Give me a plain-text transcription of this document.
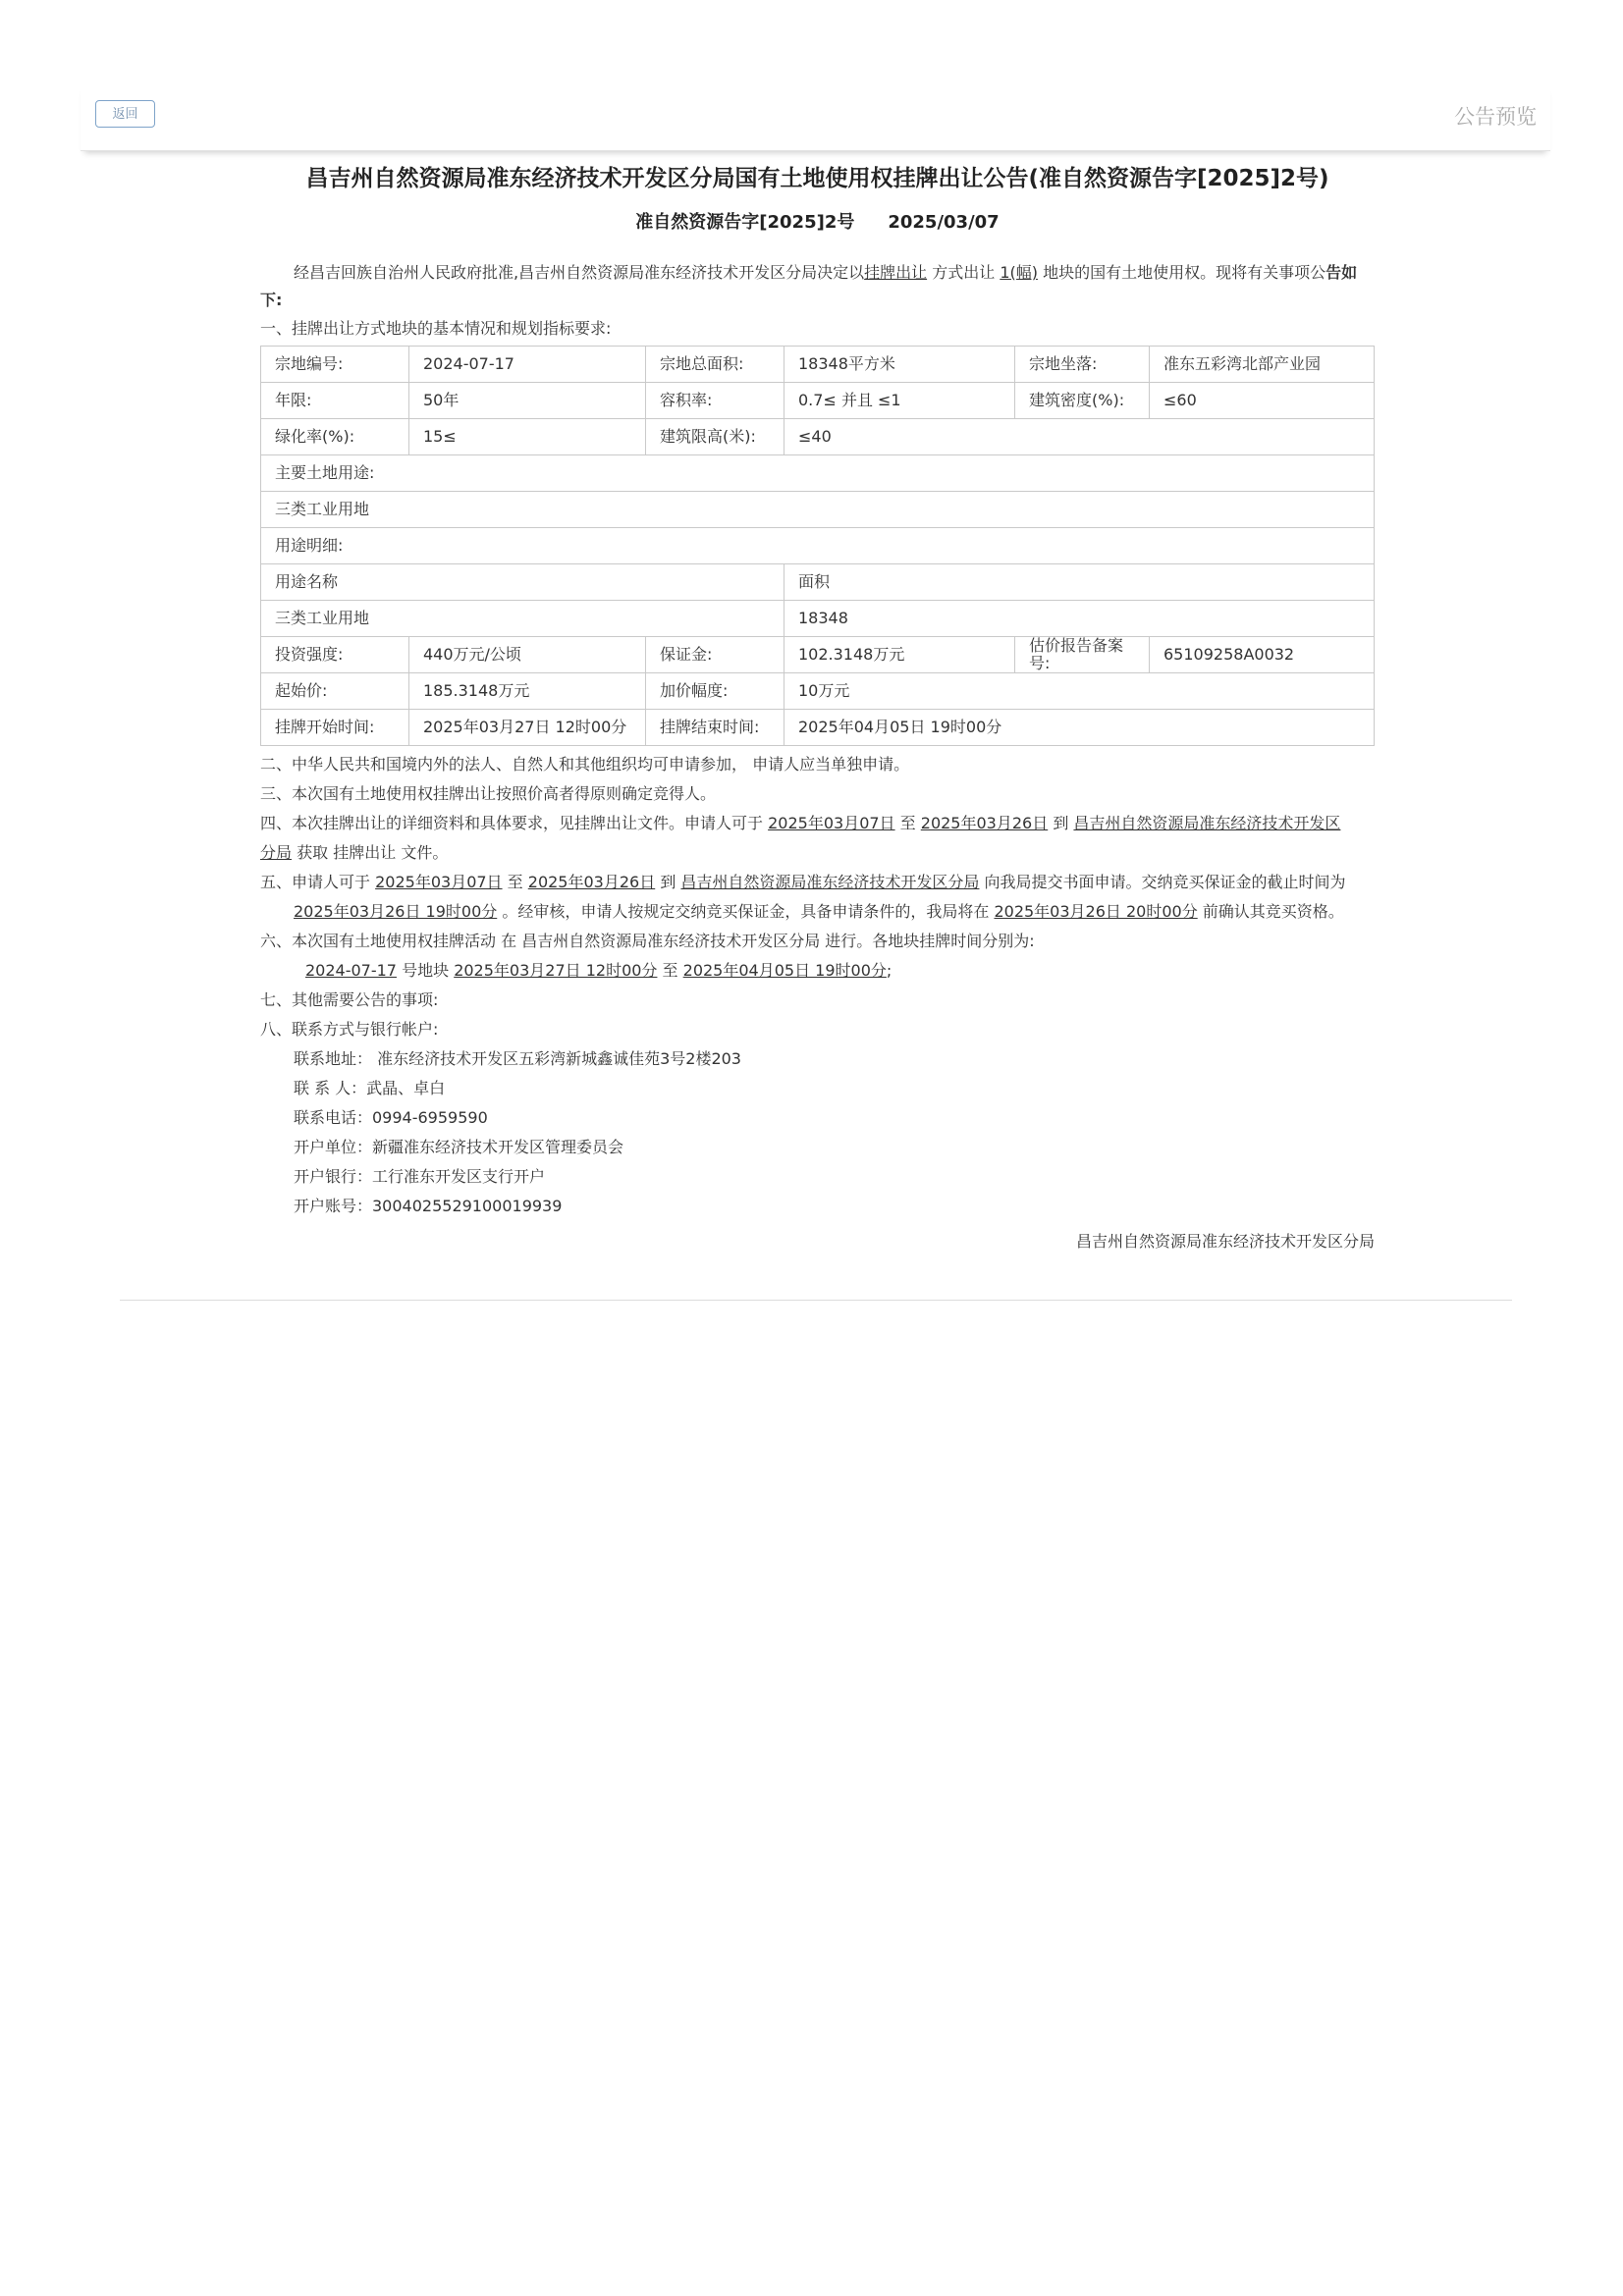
返回	公告预览
昌吉州自然资源局准东经济技术开发区分局国有土地使用权挂牌出让公告(准自然资源告字[2025]2号)
准自然资源告字[2025]2号 2025/03/07
经昌吉回族自治州人民政府批准,昌吉州自然资源局准东经济技术开发区分局决定以挂牌出让 方式出让 1(幅) 地块的国有土地使用权。现将有关事项公告如下:
一、挂牌出让方式地块的基本情况和规划指标要求:
宗地编号:	2024-07-17	宗地总面积:	18348平方米	宗地坐落:	准东五彩湾北部产业园
年限:	50年	容积率:	0.7≤ 并且 ≤1	建筑密度(%):	≤60
绿化率(%):	15≤	建筑限高(米):	≤40		
主要土地用途:					
三类工业用地					
用途明细:					
用途名称			面积		
三类工业用地			18348		
投资强度:	440万元/公顷	保证金:	102.3148万元	估价报告备案号:	65109258A0032
起始价:	185.3148万元	加价幅度:	10万元		
挂牌开始时间:	2025年03月27日 12时00分	挂牌结束时间:	2025年04月05日 19时00分		
二、中华人民共和国境内外的法人、自然人和其他组织均可申请参加， 申请人应当单独申请。
三、本次国有土地使用权挂牌出让按照价高者得原则确定竞得人。
四、本次挂牌出让的详细资料和具体要求，见挂牌出让文件。申请人可于 2025年03月07日 至 2025年03月26日 到 昌吉州自然资源局准东经济技术开发区
分局 获取 挂牌出让 文件。
五、申请人可于 2025年03月07日 至 2025年03月26日 到 昌吉州自然资源局准东经济技术开发区分局 向我局提交书面申请。交纳竞买保证金的截止时间为
2025年03月26日 19时00分 。经审核，申请人按规定交纳竞买保证金，具备申请条件的，我局将在 2025年03月26日 20时00分 前确认其竞买资格。
六、本次国有土地使用权挂牌活动 在 昌吉州自然资源局准东经济技术开发区分局 进行。各地块挂牌时间分别为:
2024-07-17 号地块 2025年03月27日 12时00分 至 2025年04月05日 19时00分;
七、其他需要公告的事项:
八、联系方式与银行帐户:
联系地址： 准东经济技术开发区五彩湾新城鑫诚佳苑3号2楼203
联 系 人：武晶、卓白
联系电话：0994-6959590
开户单位：新疆准东经济技术开发区管理委员会
开户银行：工行准东开发区支行开户
开户账号：3004025529100019939
昌吉州自然资源局准东经济技术开发区分局
